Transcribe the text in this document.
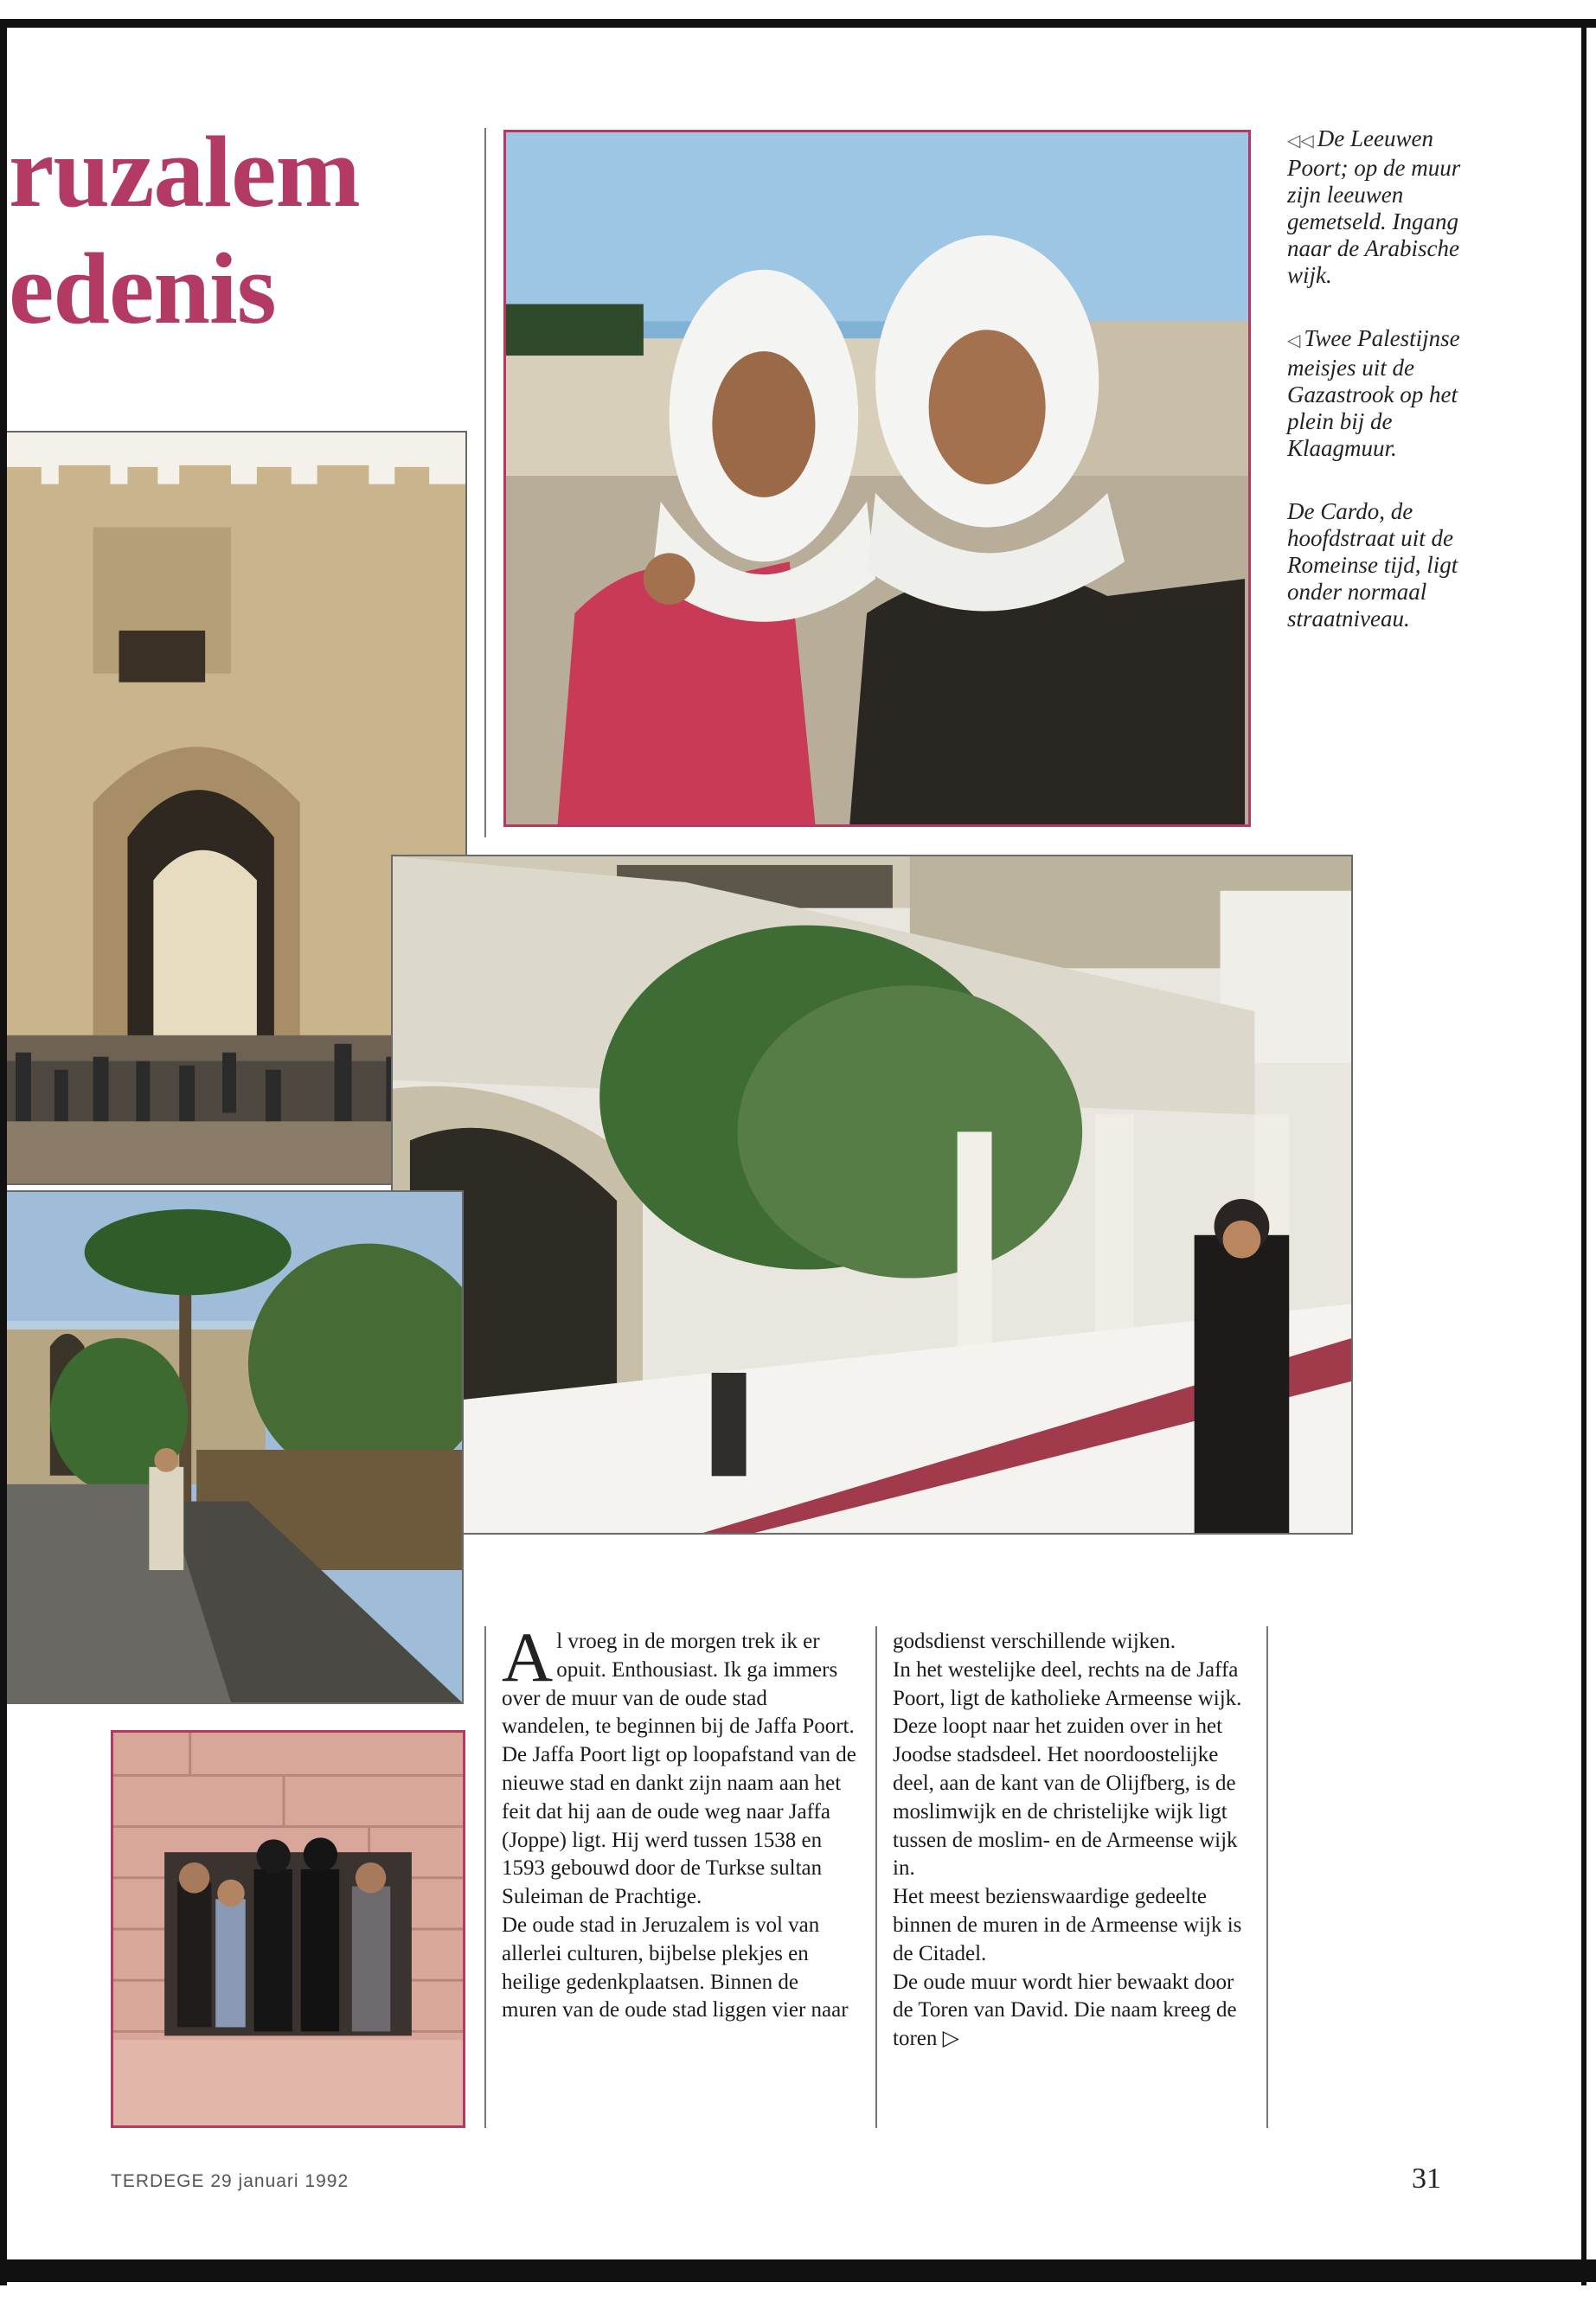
ruzalem
edenis

◁◁ De Leeuwen Poort; op de muur zijn leeuwen gemetseld. Ingang naar de Arabische wijk.

◁ Twee Palestijnse meisjes uit de Gazastrook op het plein bij de Klaagmuur.

De Cardo, de hoofdstraat uit de Romeinse tijd, ligt onder normaal straatniveau.

Al vroeg in de morgen trek ik er opuit. Enthousiast. Ik ga immers over de muur van de oude stad wandelen, te beginnen bij de Jaffa Poort.

De Jaffa Poort ligt op loopafstand van de nieuwe stad en dankt zijn naam aan het feit dat hij aan de oude weg naar Jaffa (Joppe) ligt. Hij werd tussen 1538 en 1593 gebouwd door de Turkse sultan Suleiman de Prachtige.

De oude stad in Jeruzalem is vol van allerlei culturen, bijbelse plekjes en heilige gedenkplaatsen. Binnen de muren van de oude stad liggen vier naar

godsdienst verschillende wijken.

In het westelijke deel, rechts na de Jaffa Poort, ligt de katholieke Armeense wijk. Deze loopt naar het zuiden over in het Joodse stadsdeel. Het noordoostelijke deel, aan de kant van de Olijfberg, is de moslimwijk en de christelijke wijk ligt tussen de moslim- en de Armeense wijk in.

Het meest bezienswaardige gedeelte binnen de muren in de Armeense wijk is de Citadel.

De oude muur wordt hier bewaakt door de Toren van David. Die naam kreeg de toren ▷

TERDEGE 29 januari 1992	31
